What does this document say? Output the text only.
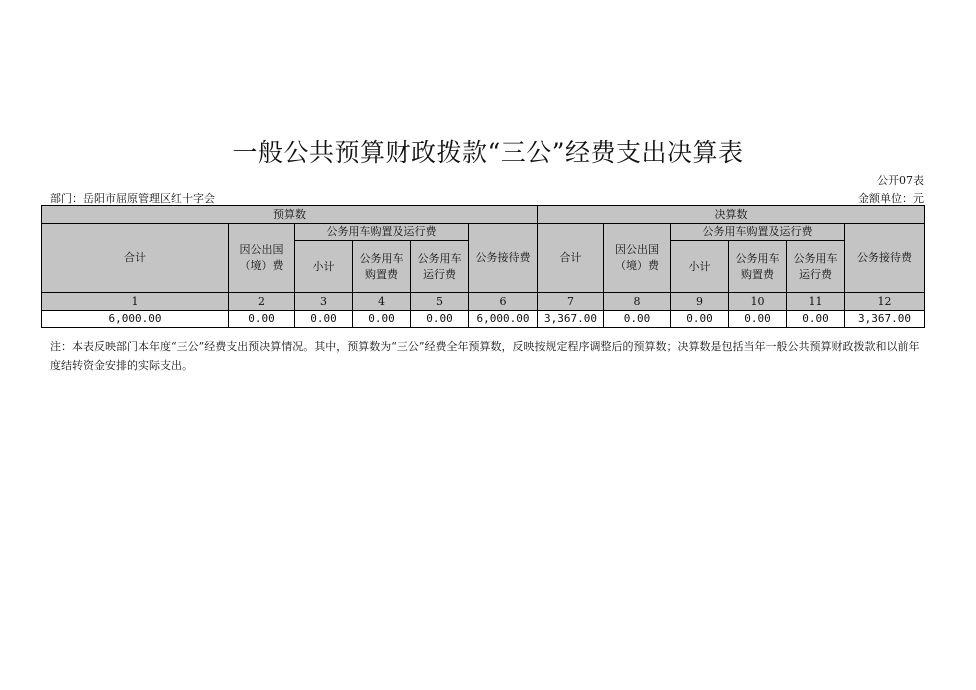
一般公共预算财政拨款“三公”经费支出决算表
公开07表
部门：岳阳市屈原管理区红十字会	金额单位：元
预算数						决算数					
合计	因公出国（境）费	公务用车购置及运行费			公务接待费	合计	因公出国（境）费	公务用车购置及运行费			公务接待费
		小计	公务用车购置费	公务用车运行费				小计	公务用车购置费	公务用车运行费	

1	2	3	4	5	6	7	8	9	10	11	12
6,000.00	0.00	0.00	0.00	0.00	6,000.00	3,367.00	0.00	0.00	0.00	0.00	3,367.00
注：本表反映部门本年度“三公”经费支出预决算情况。其中，预算数为“三公”经费全年预算数，反映按规定程序调整后的预算数；决算数是包括当年一般公共预算财政拨款和以前年度结转资金安排的实际支出。
